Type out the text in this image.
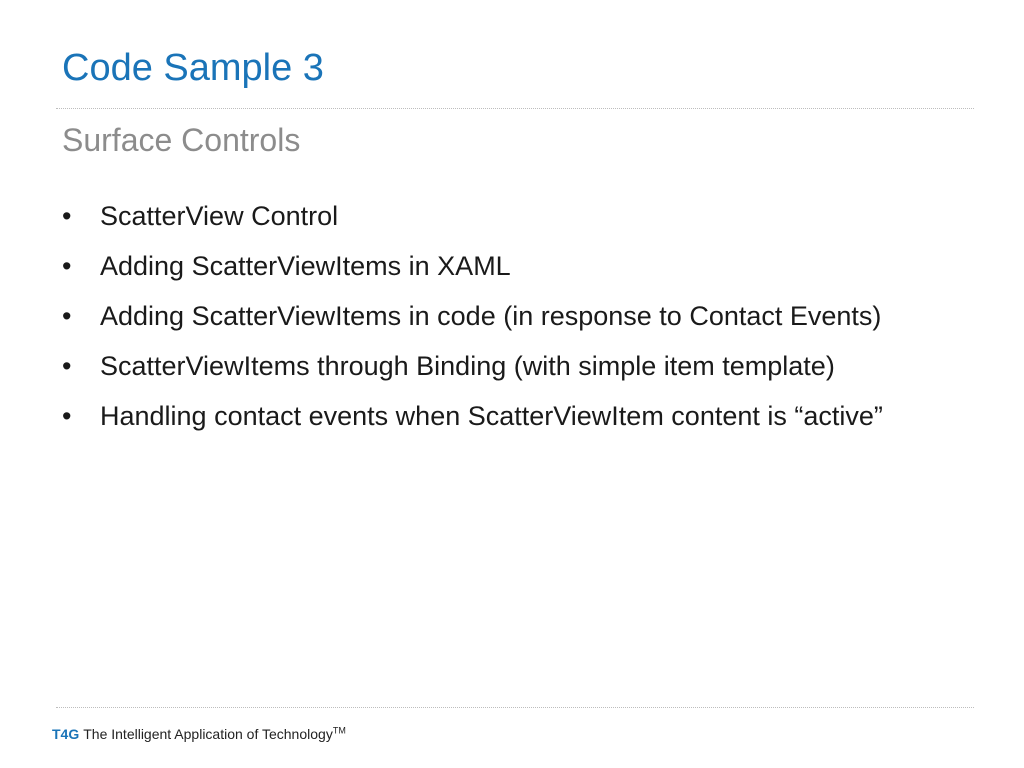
Code Sample 3
Surface Controls
•	ScatterView Control
•	Adding ScatterViewItems in XAML
•	Adding ScatterViewItems in code (in response to Contact Events)
•	ScatterViewItems through Binding (with simple item template)
•	Handling contact events when ScatterViewItem content is “active”
T4G The Intelligent Application of Technology™
